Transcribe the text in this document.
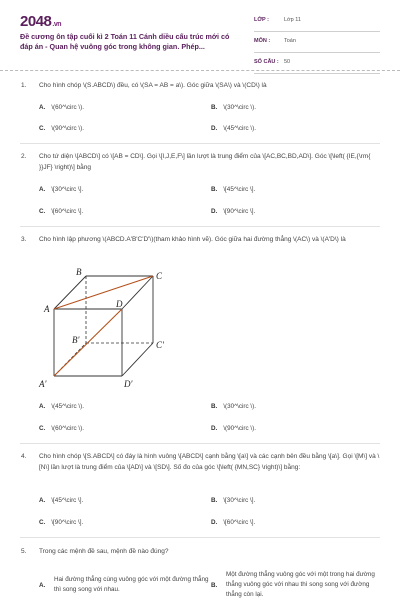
2048.vn
Đề cương ôn tập cuối kì 2 Toán 11 Cánh diều cấu trúc mới có đáp án - Quan hệ vuông góc trong không gian. Phép...
LỚP :	Lớp 11
MÔN :	Toán
SỐ CÂU : 50
1. Cho hình chóp \(S.ABCD\) đều, có \(SA = AB = a\). Góc giữa \(SA\) và \(CD\) là
A. \(60^\circ \).	B. \(30^\circ \).
C. \(90^\circ \).	D. \(45^\circ \).
2. Cho tứ diện \[ABCD\] có \[AB = CD\]. Gọi \[I,J,E,F\] lần lượt là trung điểm của \[AC,BC,BD,AD\]. Góc \[\left( {IE,{\rm{ }}JF} \right)\] bằng
A. \[30^\circ \].	B. \[45^\circ \].
C. \[60^\circ \].	D. \[90^\circ \].
3. Cho hình lập phương \(ABCD.A'B'C'D'\)(tham khảo hình vẽ). Góc giữa hai đường thẳng \(AC\) và \(A'D\) là
A
B	C
D
A'
B'	C'
D'
A. \(45^\circ \).	B. \(30^\circ \).
C. \(60^\circ \).	D. \(90^\circ \).
4. Cho hình chóp \[S.ABCD\] có đáy là hình vuông \[ABCD\] cạnh bằng \[a\] và các cạnh bên đều bằng \[a\]. Gọi \[M\] và \[N\] lần lượt là trung điểm của \[AD\] và \[SD\]. Số đo của góc \[\left( {MN,SC} \right)\] bằng:
A. \[45^\circ \].	B. \[30^\circ \].
C. \[90^\circ \].	D. \[60^\circ \].
5. Trong các mệnh đề sau, mệnh đề nào đúng?
A.
Hai đường thẳng cùng vuông góc với một đường thẳng thì song song với nhau.
B.
Một đường thẳng vuông góc với một trong hai đường thẳng vuông góc với nhau thì song song với đường thẳng còn lại.
